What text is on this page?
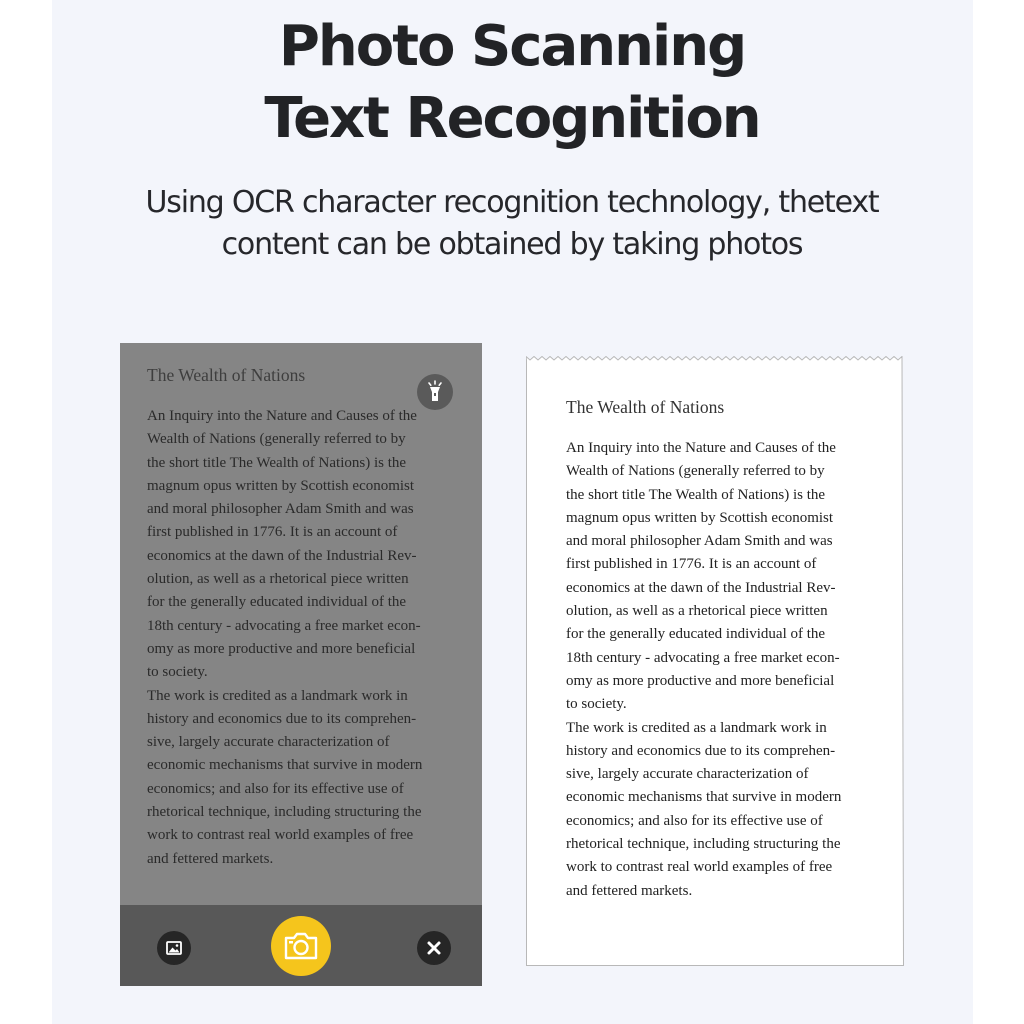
Photo Scanning
Text Recognition
Using OCR character recognition technology, thetext
content can be obtained by taking photos
The Wealth of Nations
An Inquiry into the Nature and Causes of the
Wealth of Nations (generally referred to by
the short title The Wealth of Nations) is the
magnum opus written by Scottish economist
and moral philosopher Adam Smith and was
first published in 1776. It is an account of
economics at the dawn of the Industrial Rev-
olution, as well as a rhetorical piece written
for the generally educated individual of the
18th century - advocating a free market econ-
omy as more productive and more beneficial
to society.
The work is credited as a landmark work in
history and economics due to its comprehen-
sive, largely accurate characterization of
economic mechanisms that survive in modern
economics; and also for its effective use of
rhetorical technique, including structuring the
work to contrast real world examples of free
and fettered markets.
The Wealth of Nations
An Inquiry into the Nature and Causes of the
Wealth of Nations (generally referred to by
the short title The Wealth of Nations) is the
magnum opus written by Scottish economist
and moral philosopher Adam Smith and was
first published in 1776. It is an account of
economics at the dawn of the Industrial Rev-
olution, as well as a rhetorical piece written
for the generally educated individual of the
18th century - advocating a free market econ-
omy as more productive and more beneficial
to society.
The work is credited as a landmark work in
history and economics due to its comprehen-
sive, largely accurate characterization of
economic mechanisms that survive in modern
economics; and also for its effective use of
rhetorical technique, including structuring the
work to contrast real world examples of free
and fettered markets.
